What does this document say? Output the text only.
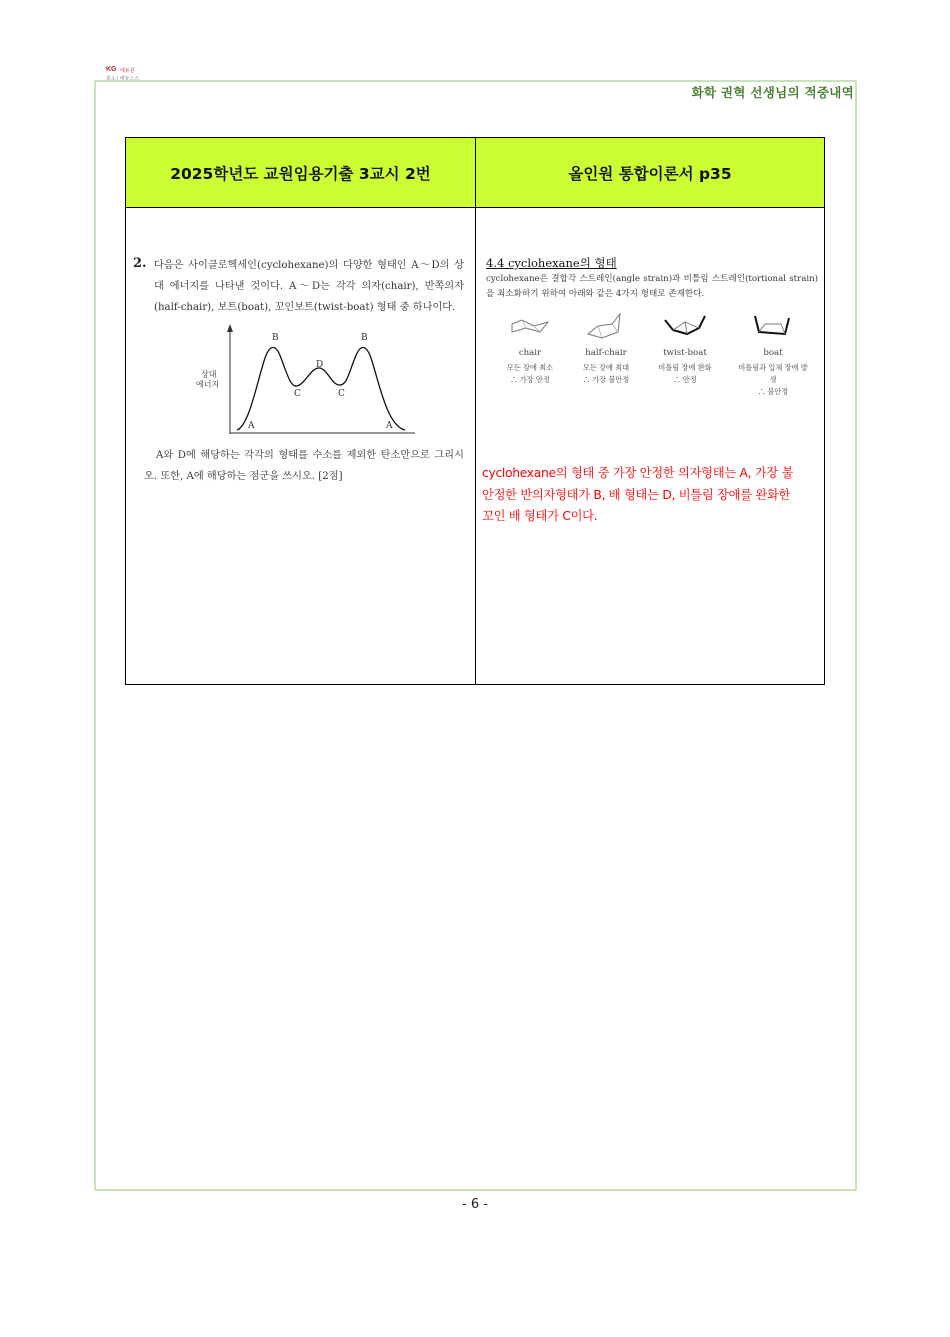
KG 에듀원
희소 | 에듀스스
화학 권혁 선생님의 적중내역
2025학년도 교원임용기출 3교시 2번	올인원 통합이론서 p35
2. 다음은 사이클로헥세인(cyclohexane)의 다양한 형태인 A～D의 상대 에너지를 나타낸 것이다. A～D는 각각 의자(chair), 반쪽의자(half-chair), 보트(boat), 꼬인보트(twist-boat) 형태 중 하나이다.
상대
에너지
A
B
C
D
C
B
A
A와 D에 해당하는 각각의 형태를 수소를 제외한 탄소만으로 그리시오. 또한, A에 해당하는 점군을 쓰시오. [2점]
4.4 cyclohexane의 형태
cyclohexane은 결합각 스트레인(angle strain)과 비틀림 스트레인(tortional strain)을 최소화하기 위하여 아래와 같은 4가지 형태로 존재한다.
chair
모든 장애 최소
∴ 가장 안정
half-chair
모든 장애 최대
∴ 가장 불안정
twist-boat
비틀림 장애 완화
∴ 안정
boat
비틀림과 입체 장애 발생
∴ 불안정
cyclohexane의 형태 중 가장 안정한 의자형태는 A, 가장 불안정한 반의자형태가 B, 배 형태는 D, 비틀림 장애를 완화한 꼬인 배 형태가 C이다.
- 6 -
